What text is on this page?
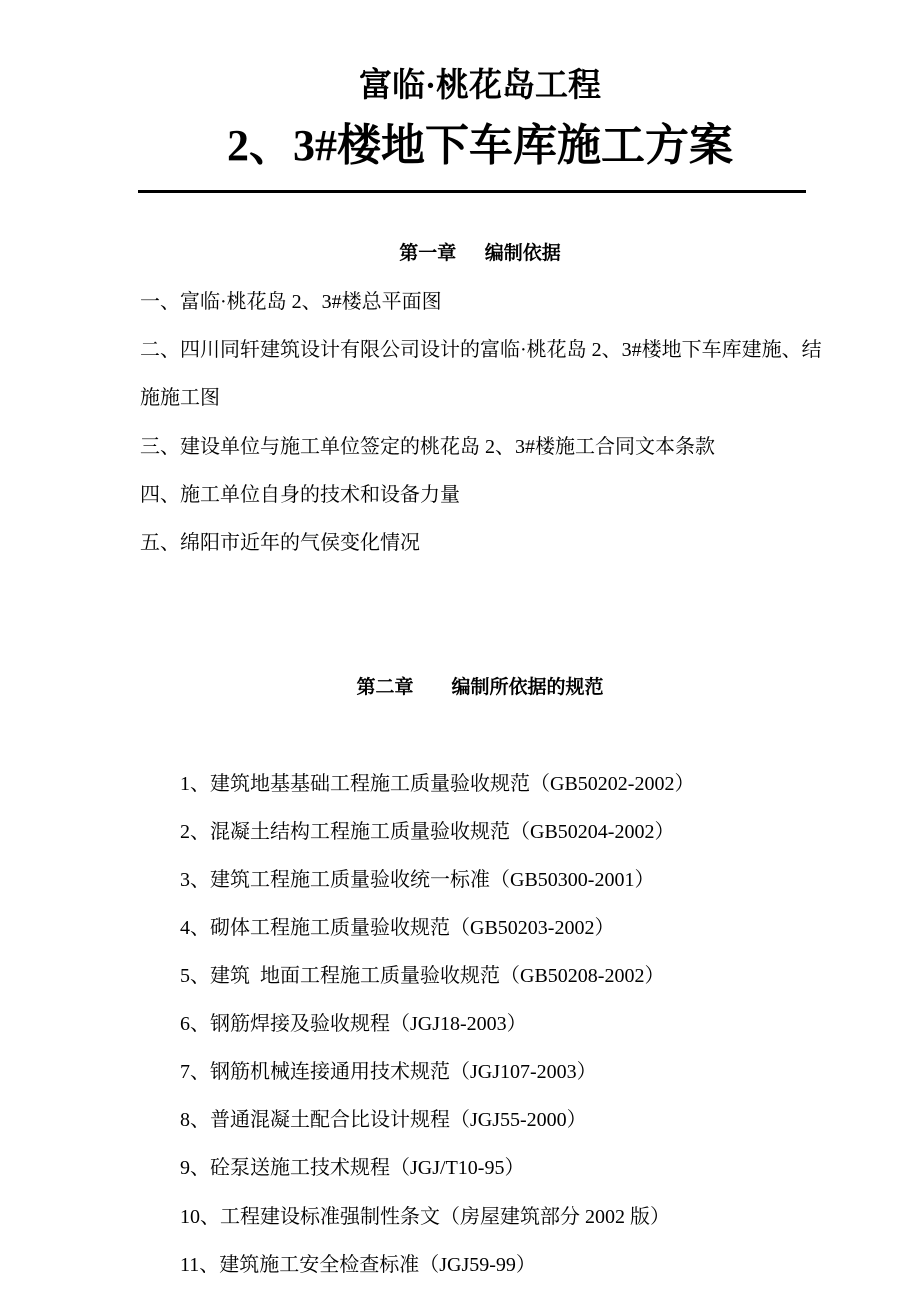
富临·桃花岛工程
2、3#楼地下车库施工方案
第一章      编制依据
一、富临·桃花岛 2、3#楼总平面图
二、四川同轩建筑设计有限公司设计的富临·桃花岛 2、3#楼地下车库建施、结施施工图
三、建设单位与施工单位签定的桃花岛 2、3#楼施工合同文本条款
四、施工单位自身的技术和设备力量
五、绵阳市近年的气侯变化情况
第二章        编制所依据的规范
1、建筑地基基础工程施工质量验收规范（GB50202-2002）
2、混凝土结构工程施工质量验收规范（GB50204-2002）
3、建筑工程施工质量验收统一标准（GB50300-2001）
4、砌体工程施工质量验收规范（GB50203-2002）
5、建筑  地面工程施工质量验收规范（GB50208-2002）
6、钢筋焊接及验收规程（JGJ18-2003）
7、钢筋机械连接通用技术规范（JGJ107-2003）
8、普通混凝土配合比设计规程（JGJ55-2000）
9、砼泵送施工技术规程（JGJ/T10-95）
10、工程建设标准强制性条文（房屋建筑部分 2002 版）
11、建筑施工安全检查标准（JGJ59-99）
